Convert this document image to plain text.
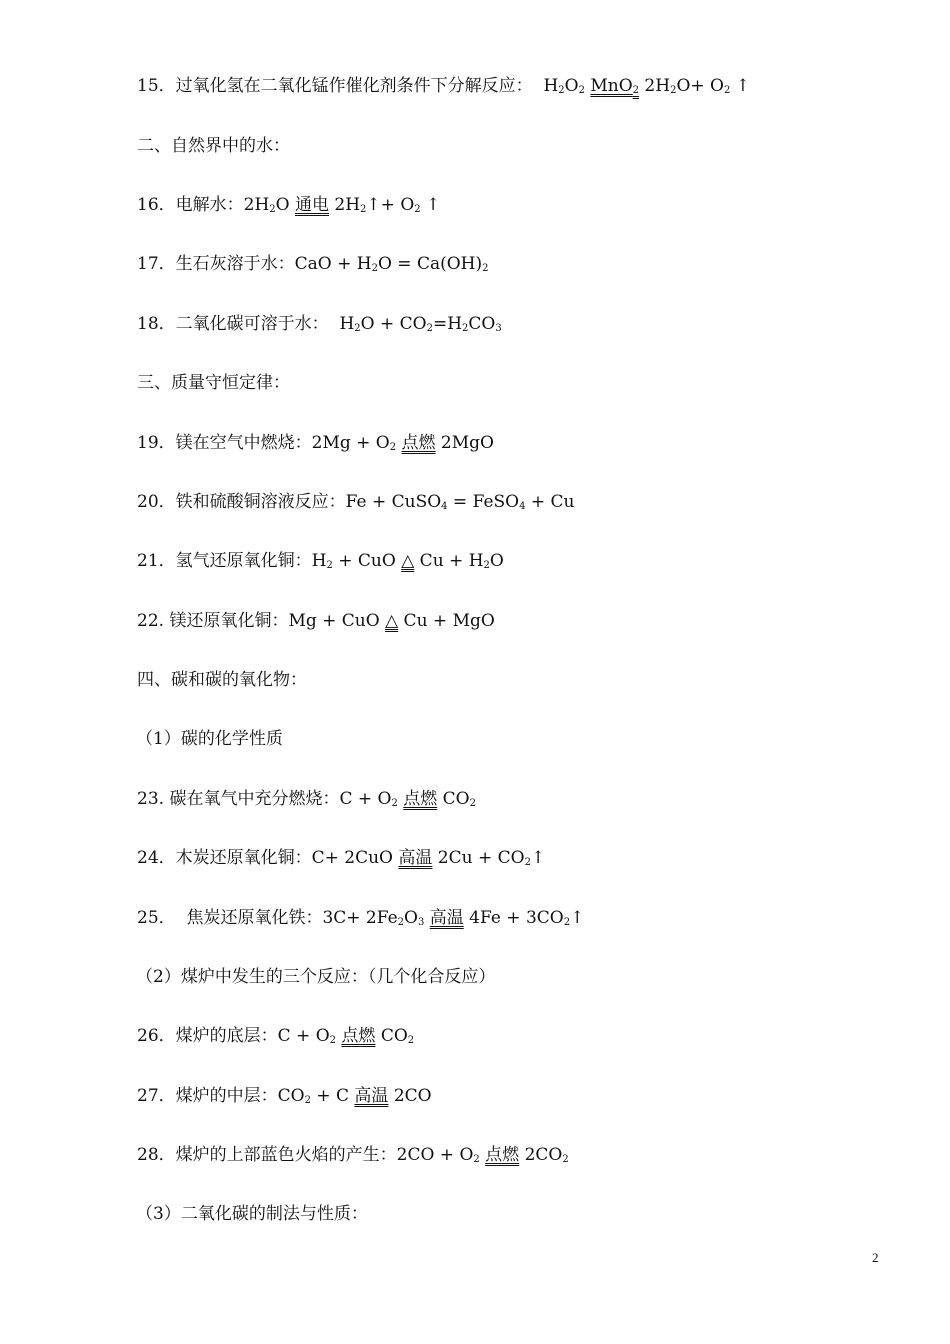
15．过氧化氢在二氧化锰作催化剂条件下分解反应：  $H_2O_2$ MnO$_2$ $2H_2O+ O_2$ ↑
二、自然界中的水：
16．电解水：$2H_2O$ 通电 $2H_2↑+ O_2$ ↑
17．生石灰溶于水：CaO + $H_2O = Ca(OH)_2$
18．二氧化碳可溶于水：  $H_2O + CO_2=H_2CO_3$
三、质量守恒定律：
19．镁在空气中燃烧：$2Mg + O_2$ 点燃 2MgO
20．铁和硫酸铜溶液反应：Fe + CuSO$_4$ = FeSO$_4$ + Cu
21．氢气还原氧化铜：$H_2$ + CuO △ $Cu + H_2O$
22. 镁还原氧化铜：Mg + CuO △ Cu + MgO
四、碳和碳的氧化物：
（1）碳的化学性质
23. 碳在氧气中充分燃烧：$C + O_2$ 点燃 $CO_2$
24．木炭还原氧化铜：C+ 2CuO 高温 $2Cu + CO_2↑$
25．  焦炭还原氧化铁：$3C+ 2Fe_2O_3$ 高温 $4Fe + 3CO_2↑$
（2）煤炉中发生的三个反应：（几个化合反应）
26．煤炉的底层：$C + O_2$ 点燃 $CO_2$
27．煤炉的中层：$CO_2 + C$ 高温 2CO
28．煤炉的上部蓝色火焰的产生：$2CO + O_2$ 点燃 $2CO_2$
（3）二氧化碳的制法与性质：
2
